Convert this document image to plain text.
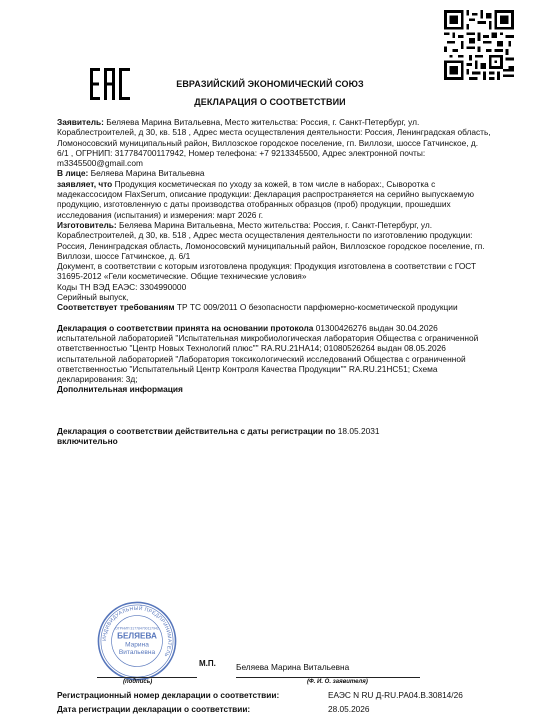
ЕВРАЗИЙСКИЙ ЭКОНОМИЧЕСКИЙ СОЮЗ
ДЕКЛАРАЦИЯ О СООТВЕТСТВИИ

Заявитель: Беляева Марина Витальевна, Место жительства: Россия, г. Санкт-Петербург, ул. Кораблестроителей, д 30, кв. 518 , Адрес места осуществления деятельности: Россия, Ленинградская область, Ломоносовский муниципальный район, Виллозское городское поселение, гп. Виллози, шоссе Гатчинское, д. 6/1 , ОГРНИП: 317784700117942, Номер телефона: +7 9213345500, Адрес электронной почты: m3345500@gmail.com

В лице: Беляева Марина Витальевна

заявляет, что Продукция косметическая по уходу за кожей, в том числе в наборах:, Сыворотка с мадекассосидом FlaxSerum, описание продукции: Декларация распространяется на серийно выпускаемую продукцию, изготовленную с даты производства отобранных образцов (проб) продукции, прошедших исследования (испытания) и измерения: март 2026 г.

Изготовитель: Беляева Марина Витальевна, Место жительства: Россия, г. Санкт-Петербург, ул. Кораблестроителей, д 30, кв. 518 , Адрес места осуществления деятельности по изготовлению продукции: Россия, Ленинградская область, Ломоносовский муниципальный район, Виллозское городское поселение, гп. Виллози, шоссе Гатчинское, д. 6/1

Документ, в соответствии с которым изготовлена продукция: Продукция изготовлена в соответствии с ГОСТ 31695-2012 «Гели косметические. Общие технические условия»

Коды ТН ВЭД ЕАЭС: 3304990000

Серийный выпуск,

Соответствует требованиям ТР ТС 009/2011 О безопасности парфюмерно-косметической продукции

Декларация о соответствии принята на основании протокола 01300426276 выдан 30.04.2026 испытательной лабораторией "Испытательная микробиологическая лаборатория Общества с ограниченной ответственностью "Центр Новых Технологий плюс"" RA.RU.21HA14; 01080526264 выдан 08.05.2026 испытательной лабораторией "Лаборатория токсикологический исследований Общества с ограниченной ответственностью "Испытательный Центр Контроля Качества Продукции"" RA.RU.21HC51; Схема декларирования: 3д;

Дополнительная информация

Декларация о соответствии действительна с даты регистрации по 18.05.2031
включительно

ИНДИВИДУАЛЬНЫЙ ПРЕДПРИНИМАТЕЛЬ
БЕЛЯЕВА
Марина
Витальевна
ОГРНИП 317784700117942
М.П. Беляева Марина Витальевна
(подпись)	(Ф. И. О. заявителя)
Регистрационный номер декларации о соответствии:	ЕАЭС N RU Д-RU.PA04.B.30814/26
Дата регистрации декларации о соответствии:	28.05.2026
